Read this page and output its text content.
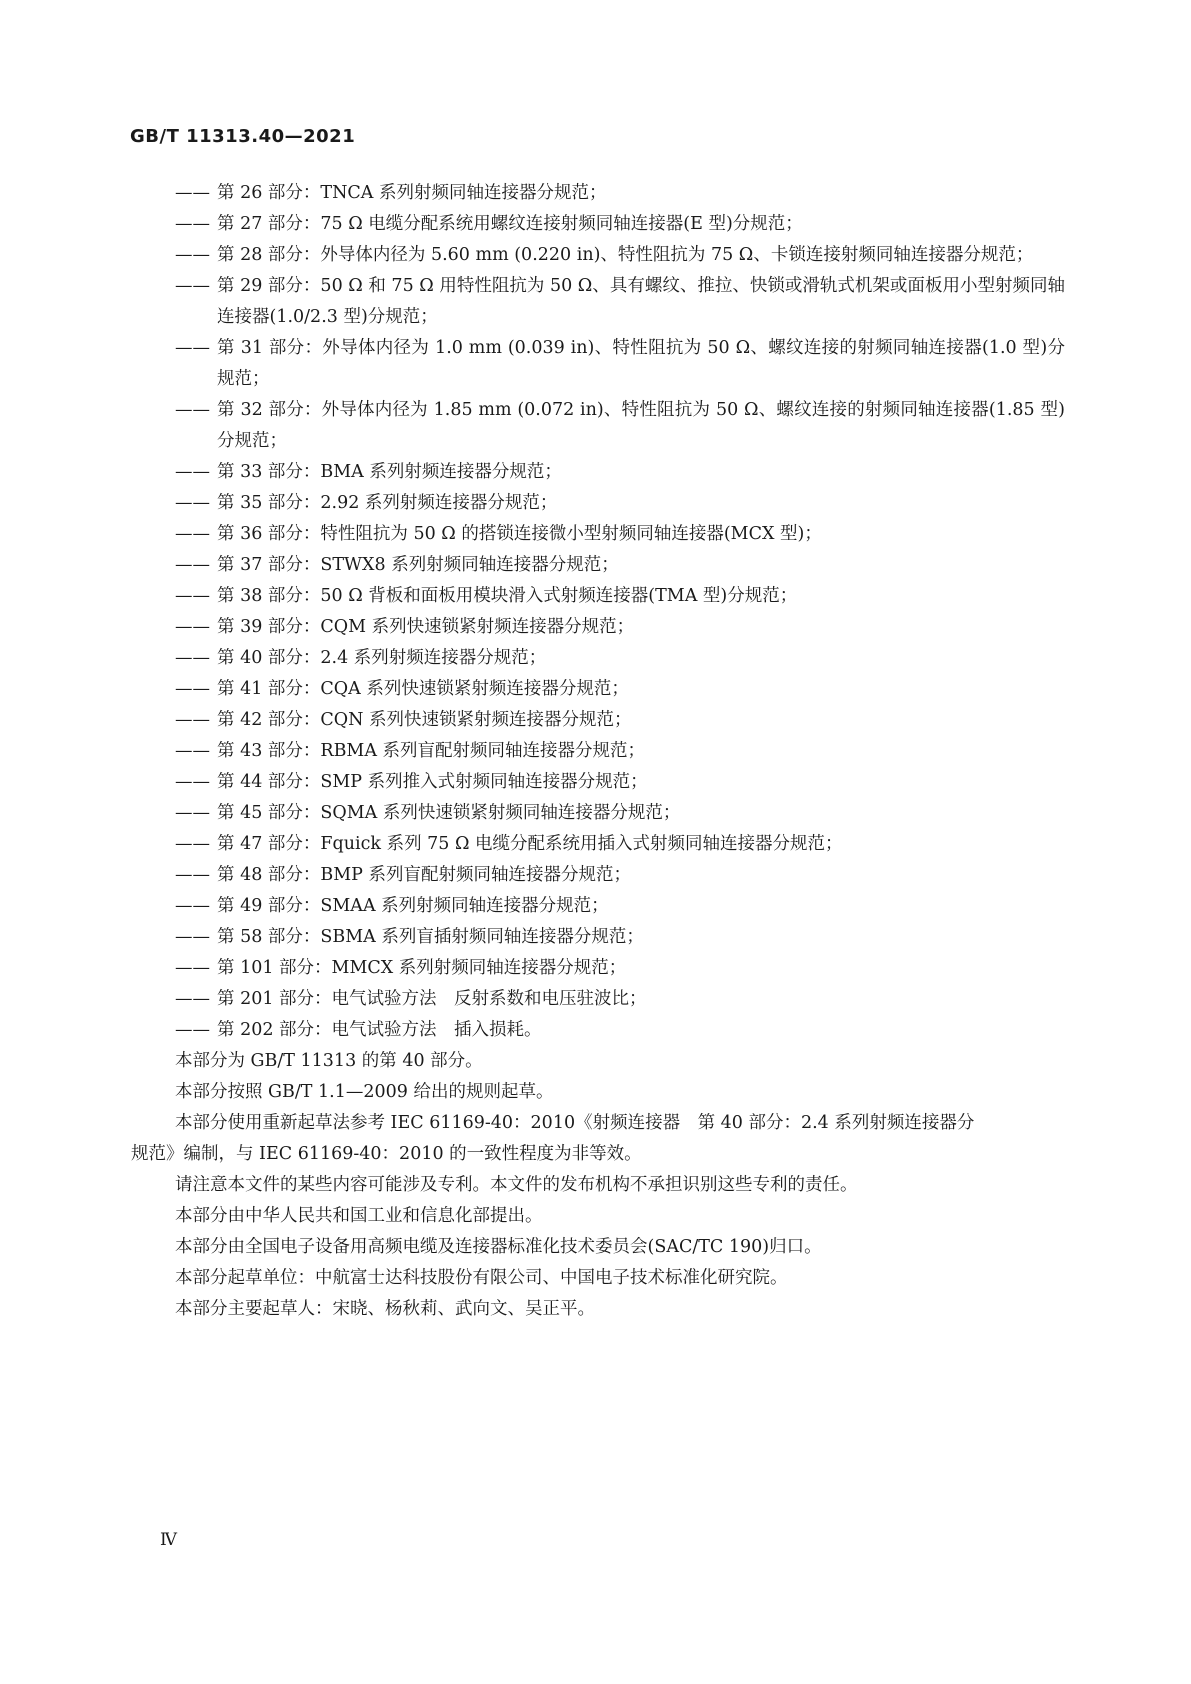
GB/T 11313.40—2021
—— 第 26 部分：TNCA 系列射频同轴连接器分规范；
—— 第 27 部分：75 Ω 电缆分配系统用螺纹连接射频同轴连接器(E 型)分规范；
—— 第 28 部分：外导体内径为 5.60 mm (0.220 in)、特性阻抗为 75 Ω、卡锁连接射频同轴连接器分规范；
—— 第 29 部分：50 Ω 和 75 Ω 用特性阻抗为 50 Ω、具有螺纹、推拉、快锁或滑轨式机架或面板用小型射频同轴连接器(1.0/2.3 型)分规范；
—— 第 31 部分：外导体内径为 1.0 mm (0.039 in)、特性阻抗为 50 Ω、螺纹连接的射频同轴连接器(1.0 型)分规范；
—— 第 32 部分：外导体内径为 1.85 mm (0.072 in)、特性阻抗为 50 Ω、螺纹连接的射频同轴连接器(1.85 型)分规范；
—— 第 33 部分：BMA 系列射频连接器分规范；
—— 第 35 部分：2.92 系列射频连接器分规范；
—— 第 36 部分：特性阻抗为 50 Ω 的搭锁连接微小型射频同轴连接器(MCX 型)；
—— 第 37 部分：STWX8 系列射频同轴连接器分规范；
—— 第 38 部分：50 Ω 背板和面板用模块滑入式射频连接器(TMA 型)分规范；
—— 第 39 部分：CQM 系列快速锁紧射频连接器分规范；
—— 第 40 部分：2.4 系列射频连接器分规范；
—— 第 41 部分：CQA 系列快速锁紧射频连接器分规范；
—— 第 42 部分：CQN 系列快速锁紧射频连接器分规范；
—— 第 43 部分：RBMA 系列盲配射频同轴连接器分规范；
—— 第 44 部分：SMP 系列推入式射频同轴连接器分规范；
—— 第 45 部分：SQMA 系列快速锁紧射频同轴连接器分规范；
—— 第 47 部分：Fquick 系列 75 Ω 电缆分配系统用插入式射频同轴连接器分规范；
—— 第 48 部分：BMP 系列盲配射频同轴连接器分规范；
—— 第 49 部分：SMAA 系列射频同轴连接器分规范；
—— 第 58 部分：SBMA 系列盲插射频同轴连接器分规范；
—— 第 101 部分：MMCX 系列射频同轴连接器分规范；
—— 第 201 部分：电气试验方法　反射系数和电压驻波比；
—— 第 202 部分：电气试验方法　插入损耗。
本部分为 GB/T 11313 的第 40 部分。
本部分按照 GB/T 1.1—2009 给出的规则起草。
本部分使用重新起草法参考 IEC 61169-40：2010《射频连接器　第 40 部分：2.4 系列射频连接器分
规范》编制，与 IEC 61169-40：2010 的一致性程度为非等效。
请注意本文件的某些内容可能涉及专利。本文件的发布机构不承担识别这些专利的责任。
本部分由中华人民共和国工业和信息化部提出。
本部分由全国电子设备用高频电缆及连接器标准化技术委员会(SAC/TC 190)归口。
本部分起草单位：中航富士达科技股份有限公司、中国电子技术标准化研究院。
本部分主要起草人：宋晓、杨秋莉、武向文、吴正平。
Ⅳ
